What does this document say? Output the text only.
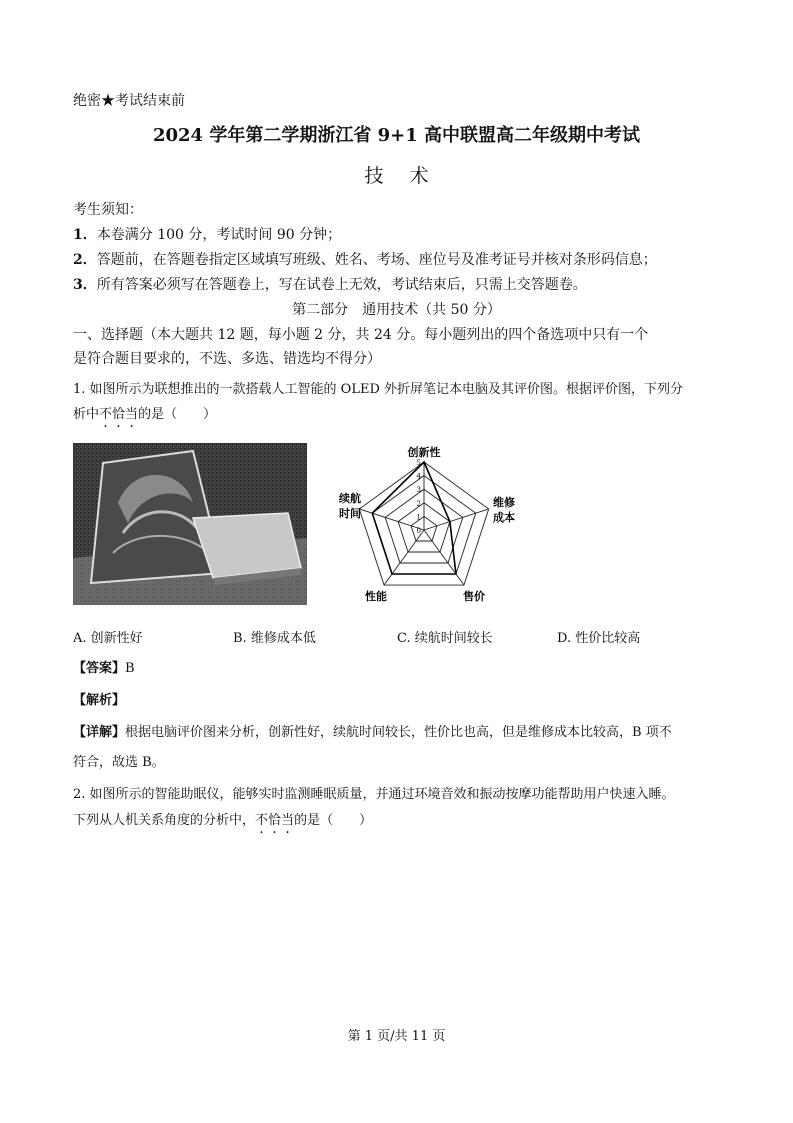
绝密★考试结束前
2024 学年第二学期浙江省 9+1 高中联盟高二年级期中考试
技术
考生须知：
1．本卷满分 100 分，考试时间 90 分钟；
2．答题前，在答题卷指定区域填写班级、姓名、考场、座位号及准考证号并核对条形码信息；
3．所有答案必须写在答题卷上，写在试卷上无效，考试结束后，只需上交答题卷。
第二部分　通用技术（共 50 分）
一、选择题（本大题共 12 题，每小题 2 分，共 24 分。每小题列出的四个备选项中只有一个
是符合题目要求的，不选、多选、错选均不得分）
1. 如图所示为联想推出的一款搭载人工智能的 OLED 外折屏笔记本电脑及其评价图。根据评价图，下列分
析中不恰当的是（　　）
5
4
3
2
1
0
创新性
维修
成本
售价
性能
续航
时间
A. 创新性好	B. 维修成本低	C. 续航时间较长	D. 性价比较高
【答案】B
【解析】
【详解】根据电脑评价图来分析，创新性好，续航时间较长，性价比也高，但是维修成本比较高，B 项不
符合，故选 B。
2. 如图所示的智能助眠仪，能够实时监测睡眠质量，并通过环境音效和振动按摩功能帮助用户快速入睡。
下列从人机关系角度的分析中，不恰当的是（　　）
第 1 页/共 11 页
